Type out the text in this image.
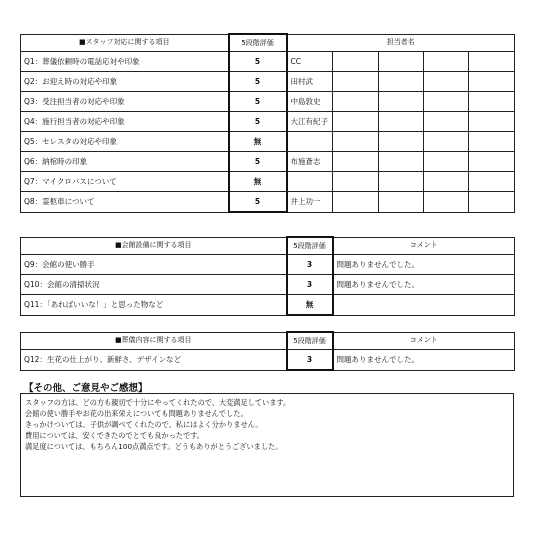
■スタッフ対応に関する項目	5段階評価	担当者名				
Q1：葬儀依頼時の電話応対や印象	5	CC				
Q2：お迎え時の対応や印象	5	田村武				
Q3：受注担当者の対応や印象	5	中島敦史				
Q4：施行担当者の対応や印象	5	大江有紀子				
Q5：セレスタの対応や印象	無					
Q6：納棺時の印象	5	布施蒼志				
Q7：マイクロバスについて	無					
Q8：霊柩車について	5	井上功一				
■会館設備に関する項目	5段階評価	コメント
Q9：会館の使い勝手	3	問題ありませんでした。
Q10：会館の清掃状況	3	問題ありませんでした。
Q11：「あればいいな！」と思った物など	無	
■葬儀内容に関する項目	5段階評価	コメント
Q12：生花の仕上がり、新鮮さ、デザインなど	3	問題ありませんでした。
【その他、ご意見やご感想】
スタッフの方は、どの方も親切で十分にやってくれたので、大変満足しています。
会館の使い勝手やお花の出来栄えについても問題ありませんでした。
きっかけついては、子供が調べてくれたので、私にはよく分かりません。
費用については、安くできたのでとても良かったです。
満足度については、もちろん100点満点です。どうもありがとうございました。
